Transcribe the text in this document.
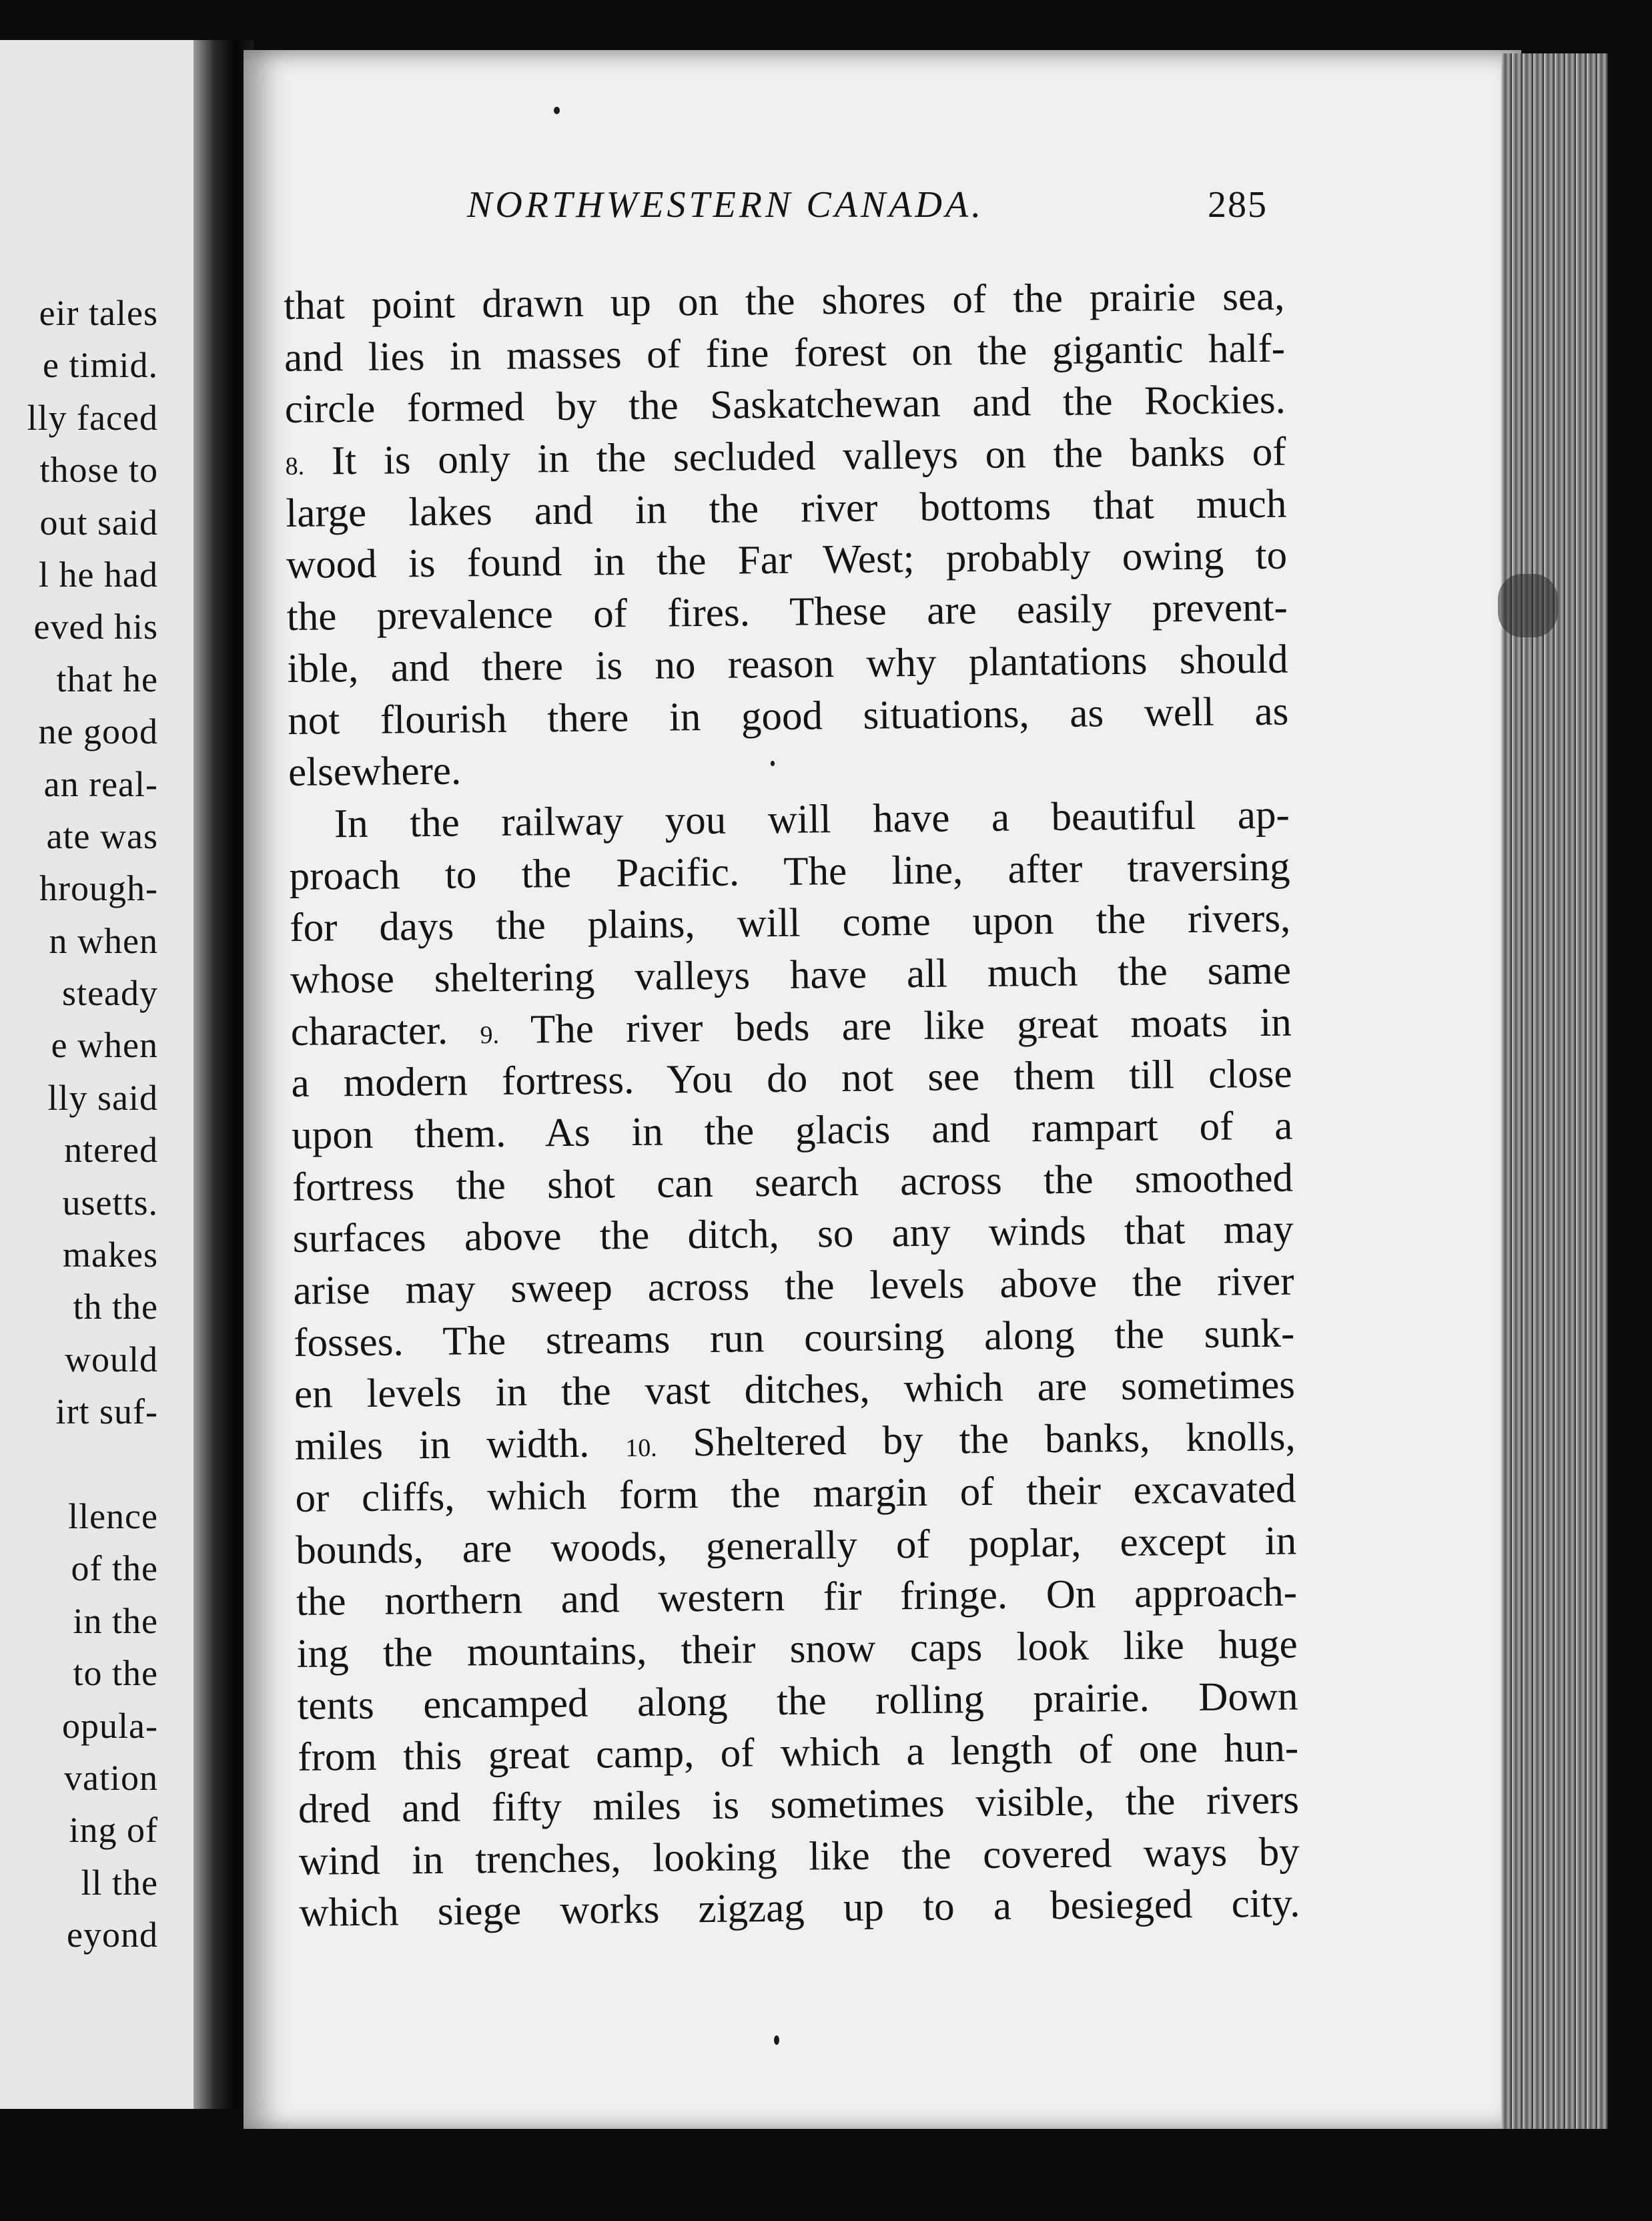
eir tales
e timid.
lly faced
those to
out said
l he had
eved his
that he
ne good
an real-
ate was
hrough-
n when
steady
e when
lly said
ntered
usetts.
makes
th the
would
irt suf-
llence
of the
in the
to the
opula-
vation
ing of
ll the
eyond
NORTHWESTERN CANADA.	285
that point drawn up on the shores of the prairie sea,
and lies in masses of fine forest on the gigantic half-
circle formed by the Saskatchewan and the Rockies.
8. It is only in the secluded valleys on the banks of
large lakes and in the river bottoms that much
wood is found in the Far West; probably owing to
the prevalence of fires. These are easily prevent-
ible, and there is no reason why plantations should
not flourish there in good situations, as well as
elsewhere.
In the railway you will have a beautiful ap-
proach to the Pacific. The line, after traversing
for days the plains, will come upon the rivers,
whose sheltering valleys have all much the same
character. 9. The river beds are like great moats in
a modern fortress. You do not see them till close
upon them. As in the glacis and rampart of a
fortress the shot can search across the smoothed
surfaces above the ditch, so any winds that may
arise may sweep across the levels above the river
fosses. The streams run coursing along the sunk-
en levels in the vast ditches, which are sometimes
miles in width. 10. Sheltered by the banks, knolls,
or cliffs, which form the margin of their excavated
bounds, are woods, generally of poplar, except in
the northern and western fir fringe. On approach-
ing the mountains, their snow caps look like huge
tents encamped along the rolling prairie. Down
from this great camp, of which a length of one hun-
dred and fifty miles is sometimes visible, the rivers
wind in trenches, looking like the covered ways by
which siege works zigzag up to a besieged city.
